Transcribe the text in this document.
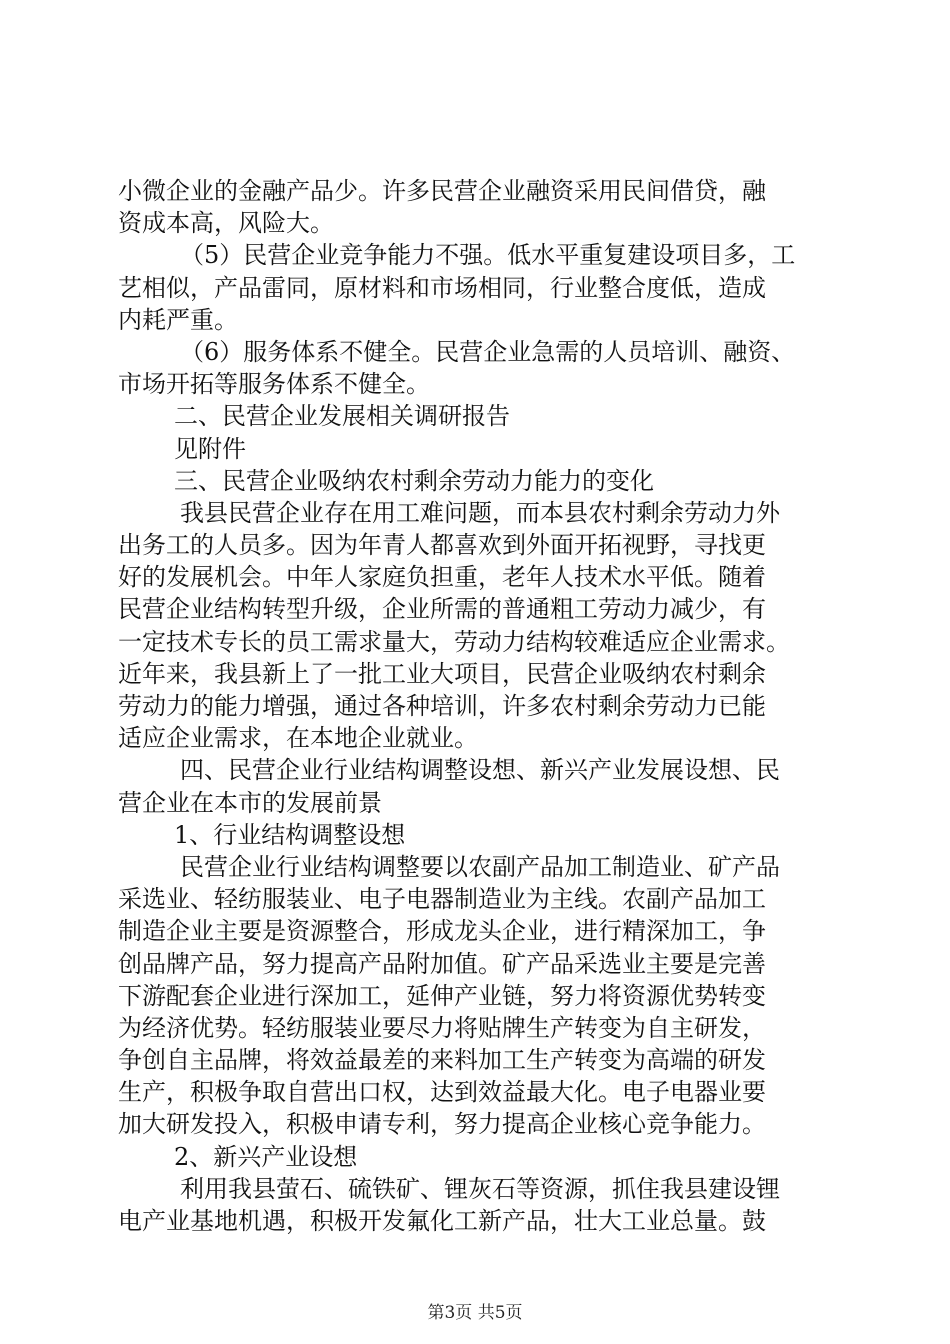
小微企业的金融产品少。许多民营企业融资采用民间借贷，融
资成本高，风险大。
（5）民营企业竞争能力不强。低水平重复建设项目多，工
艺相似，产品雷同，原材料和市场相同，行业整合度低，造成
内耗严重。
（6）服务体系不健全。民营企业急需的人员培训、融资、
市场开拓等服务体系不健全。
二、民营企业发展相关调研报告
见附件
三、民营企业吸纳农村剩余劳动力能力的变化
我县民营企业存在用工难问题，而本县农村剩余劳动力外
出务工的人员多。因为年青人都喜欢到外面开拓视野，寻找更
好的发展机会。中年人家庭负担重，老年人技术水平低。随着
民营企业结构转型升级，企业所需的普通粗工劳动力减少，有
一定技术专长的员工需求量大，劳动力结构较难适应企业需求。
近年来，我县新上了一批工业大项目，民营企业吸纳农村剩余
劳动力的能力增强，通过各种培训，许多农村剩余劳动力已能
适应企业需求，在本地企业就业。
四、民营企业行业结构调整设想、新兴产业发展设想、民
营企业在本市的发展前景
1、行业结构调整设想
民营企业行业结构调整要以农副产品加工制造业、矿产品
采选业、轻纺服装业、电子电器制造业为主线。农副产品加工
制造企业主要是资源整合，形成龙头企业，进行精深加工，争
创品牌产品，努力提高产品附加值。矿产品采选业主要是完善
下游配套企业进行深加工，延伸产业链，努力将资源优势转变
为经济优势。轻纺服装业要尽力将贴牌生产转变为自主研发，
争创自主品牌，将效益最差的来料加工生产转变为高端的研发
生产，积极争取自营出口权，达到效益最大化。电子电器业要
加大研发投入，积极申请专利，努力提高企业核心竞争能力。
2、新兴产业设想
利用我县萤石、硫铁矿、锂灰石等资源，抓住我县建设锂
电产业基地机遇，积极开发氟化工新产品，壮大工业总量。鼓
第3页 共5页
